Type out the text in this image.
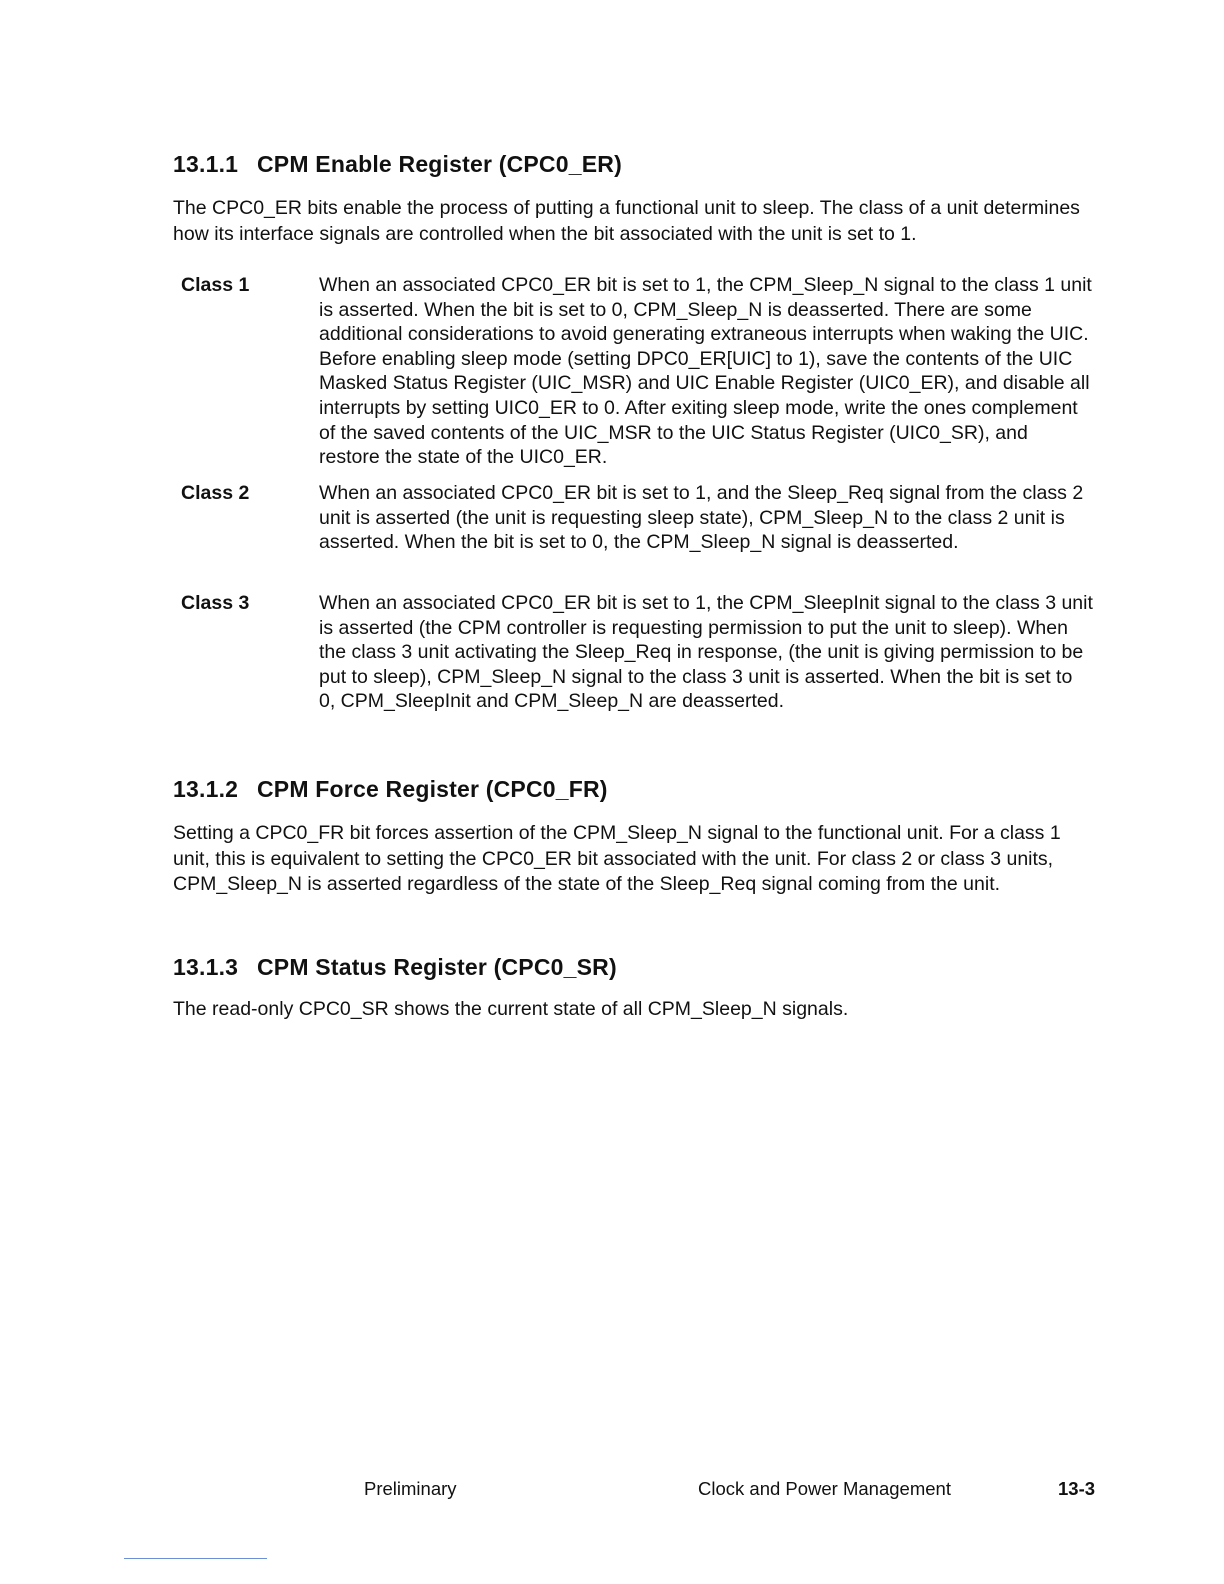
13.1.1 CPM Enable Register (CPC0_ER)

The CPC0_ER bits enable the process of putting a functional unit to sleep. The class of a unit determines how its interface signals are controlled when the bit associated with the unit is set to 1.

Class 1	When an associated CPC0_ER bit is set to 1, the CPM_Sleep_N signal to the class 1 unit is asserted. When the bit is set to 0, CPM_Sleep_N is deasserted. There are some additional considerations to avoid generating extraneous interrupts when waking the UIC. Before enabling sleep mode (setting DPC0_ER[UIC] to 1), save the contents of the UIC Masked Status Register (UIC_MSR) and UIC Enable Register (UIC0_ER), and disable all interrupts by setting UIC0_ER to 0. After exiting sleep mode, write the ones complement of the saved contents of the UIC_MSR to the UIC Status Register (UIC0_SR), and restore the state of the UIC0_ER.

Class 2	When an associated CPC0_ER bit is set to 1, and the Sleep_Req signal from the class 2 unit is asserted (the unit is requesting sleep state), CPM_Sleep_N to the class 2 unit is asserted. When the bit is set to 0, the CPM_Sleep_N signal is deasserted.

Class 3	When an associated CPC0_ER bit is set to 1, the CPM_SleepInit signal to the class 3 unit is asserted (the CPM controller is requesting permission to put the unit to sleep). When the class 3 unit activating the Sleep_Req in response, (the unit is giving permission to be put to sleep), CPM_Sleep_N signal to the class 3 unit is asserted. When the bit is set to 0, CPM_SleepInit and CPM_Sleep_N are deasserted.

13.1.2 CPM Force Register (CPC0_FR)

Setting a CPC0_FR bit forces assertion of the CPM_Sleep_N signal to the functional unit. For a class 1 unit, this is equivalent to setting the CPC0_ER bit associated with the unit. For class 2 or class 3 units, CPM_Sleep_N is asserted regardless of the state of the Sleep_Req signal coming from the unit.

13.1.3 CPM Status Register (CPC0_SR)

The read-only CPC0_SR shows the current state of all CPM_Sleep_N signals.

Preliminary	Clock and Power Management	13-3
